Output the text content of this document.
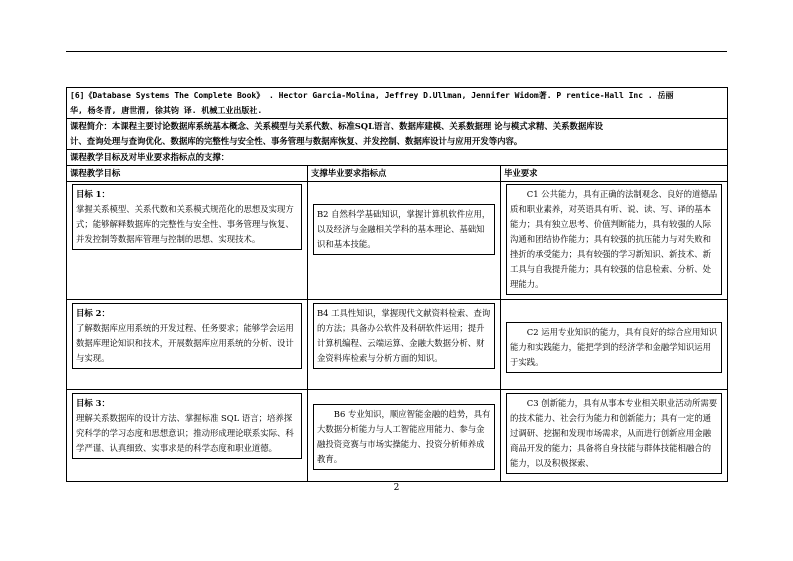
[6]《Database Systems The Complete Book》 . Hector Garcia-Molina, Jeffrey D.Ullman, Jennifer Widom著. P rentice-Hall Inc . 岳丽
华, 杨冬青, 唐世渭, 徐其钧 译. 机械工业出版社.		

课程简介：本课程主要讨论数据库系统基本概念、关系模型与关系代数、标准SQL语言、数据库建模、关系数据理 论与模式求精、关系数据库设
计、查询处理与查询优化、数据库的完整性与安全性、事务管理与数据库恢复、并发控制、数据库设计与应用开发等内容。		

课程教学目标及对毕业要求指标点的支撑：		
课程教学目标	支撑毕业要求指标点	毕业要求

目标 1：
掌握关系模型、关系代数和关系模式规范化的思想及实现方式；能够解释数据库的完整性与安全性、事务管理与恢复、并发控制等数据库管理与控制的思想、实现技术。	B2 自然科学基础知识，掌握计算机软件应用，以及经济与金融相关学科的基本理论、基础知识和基本技能。	C1 公共能力，具有正确的法制观念、良好的道德品质和职业素养，对英语具有听、说、读、写、译的基本能力；具有独立思考、价值判断能力，具有较强的人际沟通和团结协作能力；具有较强的抗压能力与对失败和挫折的承受能力；具有较强的学习新知识、新技术、新工具与自我提升能力；具有较强的信息检索、分析、处理能力。

目标 2：
了解数据库应用系统的开发过程、任务要求；能够学会运用数据库理论知识和技术，开展数据库应用系统的分析、设计与实现。	B4 工具性知识，掌握现代文献资料检索、查询的方法；具备办公软件及科研软件运用；提升计算机编程、云端运算、金融大数据分析、财金资料库检索与分析方面的知识。	C2 运用专业知识的能力，具有良好的综合应用知识能力和实践能力，能把学到的经济学和金融学知识运用于实践。

目标 3：
理解关系数据库的设计方法、掌握标准 SQL 语言；培养探究科学的学习态度和思想意识；推动形成理论联系实际、科学严谨、认真细致、实事求是的科学态度和职业道德。	B6 专业知识，顺应智能金融的趋势，具有大数据分析能力与人工智能应用能力、参与金融投资竞赛与市场实操能力、投资分析师养成教育。	C3 创新能力，具有从事本专业相关职业活动所需要的技术能力、社会行为能力和创新能力；具有一定的通过调研、挖掘和发现市场需求，从而进行创新应用金融商品开发的能力；具备将自身技能与群体技能相融合的能力，以及积极探索、
2
